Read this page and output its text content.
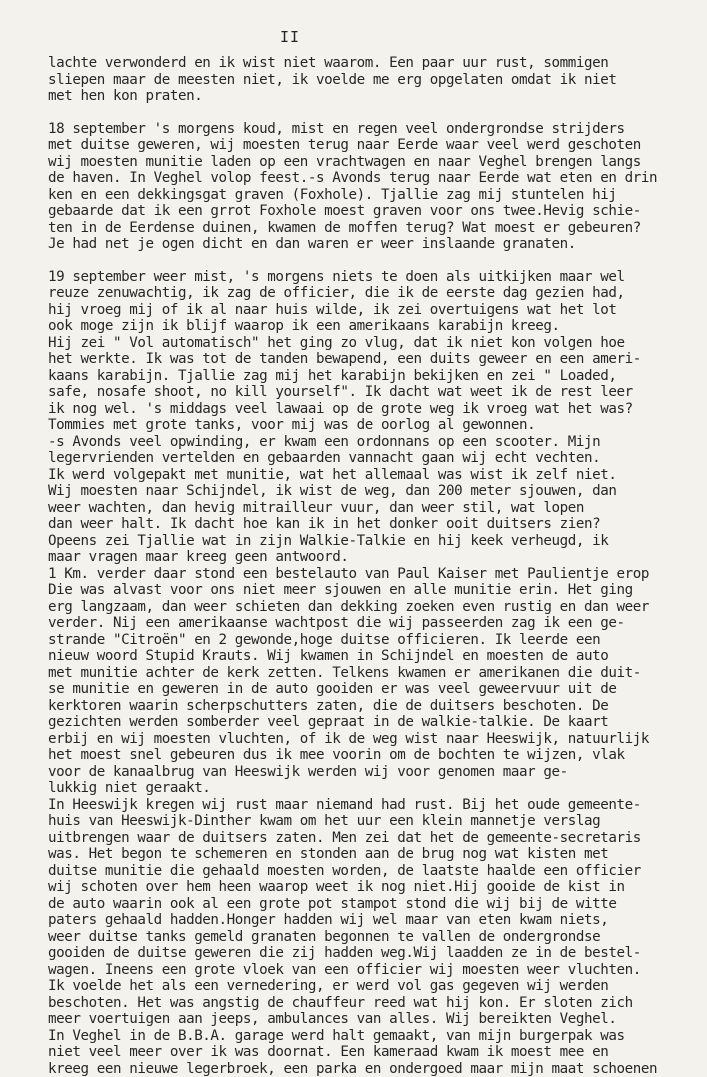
II
lachte verwonderd en ik wist niet waarom. Een paar uur rust, sommigen
sliepen maar de meesten niet, ik voelde me erg opgelaten omdat ik niet
met hen kon praten.
18 september 's morgens koud, mist en regen veel ondergrondse strijders
met duitse geweren, wij moesten terug naar Eerde waar veel werd geschoten
wij moesten munitie laden op een vrachtwagen en naar Veghel brengen langs
de haven. In Veghel volop feest.-s Avonds terug naar Eerde wat eten en drin
ken en een dekkingsgat graven (Foxhole). Tjallie zag mij stuntelen hij
gebaarde dat ik een grrot Foxhole moest graven voor ons twee.Hevig schie-
ten in de Eerdense duinen, kwamen de moffen terug? Wat moest er gebeuren?
Je had net je ogen dicht en dan waren er weer inslaande granaten.
19 september weer mist, 's morgens niets te doen als uitkijken maar wel
reuze zenuwachtig, ik zag de officier, die ik de eerste dag gezien had,
hij vroeg mij of ik al naar huis wilde, ik zei overtuigens wat het lot
ook moge zijn ik blijf waarop ik een amerikaans karabijn kreeg.
Hij zei " Vol automatisch" het ging zo vlug, dat ik niet kon volgen hoe
het werkte. Ik was tot de tanden bewapend, een duits geweer en een ameri-
kaans karabijn. Tjallie zag mij het karabijn bekijken en zei " Loaded,
safe, nosafe shoot, no kill yourself". Ik dacht wat weet ik de rest leer
ik nog wel. 's middags veel lawaai op de grote weg ik vroeg wat het was?
Tommies met grote tanks, voor mij was de oorlog al gewonnen.
-s Avonds veel opwinding, er kwam een ordonnans op een scooter. Mijn
legervrienden vertelden en gebaarden vannacht gaan wij echt vechten.
Ik werd volgepakt met munitie, wat het allemaal was wist ik zelf niet.
Wij moesten naar Schijndel, ik wist de weg, dan 200 meter sjouwen, dan
weer wachten, dan hevig mitrailleur vuur, dan weer stil, wat lopen
dan weer halt. Ik dacht hoe kan ik in het donker ooit duitsers zien?
Opeens zei Tjallie wat in zijn Walkie-Talkie en hij keek verheugd, ik
maar vragen maar kreeg geen antwoord.
1 Km. verder daar stond een bestelauto van Paul Kaiser met Paulientje erop
Die was alvast voor ons niet meer sjouwen en alle munitie erin. Het ging
erg langzaam, dan weer schieten dan dekking zoeken even rustig en dan weer
verder. Nij een amerikaanse wachtpost die wij passeerden zag ik een ge-
strande "Citroën" en 2 gewonde,hoge duitse officieren. Ik leerde een
nieuw woord Stupid Krauts. Wij kwamen in Schijndel en moesten de auto
met munitie achter de kerk zetten. Telkens kwamen er amerikanen die duit-
se munitie en geweren in de auto gooiden er was veel geweervuur uit de
kerktoren waarin scherpschutters zaten, die de duitsers beschoten. De
gezichten werden somberder veel gepraat in de walkie-talkie. De kaart
erbij en wij moesten vluchten, of ik de weg wist naar Heeswijk, natuurlijk
het moest snel gebeuren dus ik mee voorin om de bochten te wijzen, vlak
voor de kanaalbrug van Heeswijk werden wij voor genomen maar ge-
lukkig niet geraakt.
In Heeswijk kregen wij rust maar niemand had rust. Bij het oude gemeente-
huis van Heeswijk-Dinther kwam om het uur een klein mannetje verslag
uitbrengen waar de duitsers zaten. Men zei dat het de gemeente-secretaris
was. Het begon te schemeren en stonden aan de brug nog wat kisten met
duitse munitie die gehaald moesten worden, de laatste haalde een officier
wij schoten over hem heen waarop weet ik nog niet.Hij gooide de kist in
de auto waarin ook al een grote pot stampot stond die wij bij de witte
paters gehaald hadden.Honger hadden wij wel maar van eten kwam niets,
weer duitse tanks gemeld granaten begonnen te vallen de ondergrondse
gooiden de duitse geweren die zij hadden weg.Wij laadden ze in de bestel-
wagen. Ineens een grote vloek van een officier wij moesten weer vluchten.
Ik voelde het als een vernedering, er werd vol gas gegeven wij werden
beschoten. Het was angstig de chauffeur reed wat hij kon. Er sloten zich
meer voertuigen aan jeeps, ambulances van alles. Wij bereikten Veghel.
In Veghel in de B.B.A. garage werd halt gemaakt, van mijn burgerpak was
niet veel meer over ik was doornat. Een kameraad kwam ik moest mee en
kreeg een nieuwe legerbroek, een parka en ondergoed maar mijn maat schoenen
